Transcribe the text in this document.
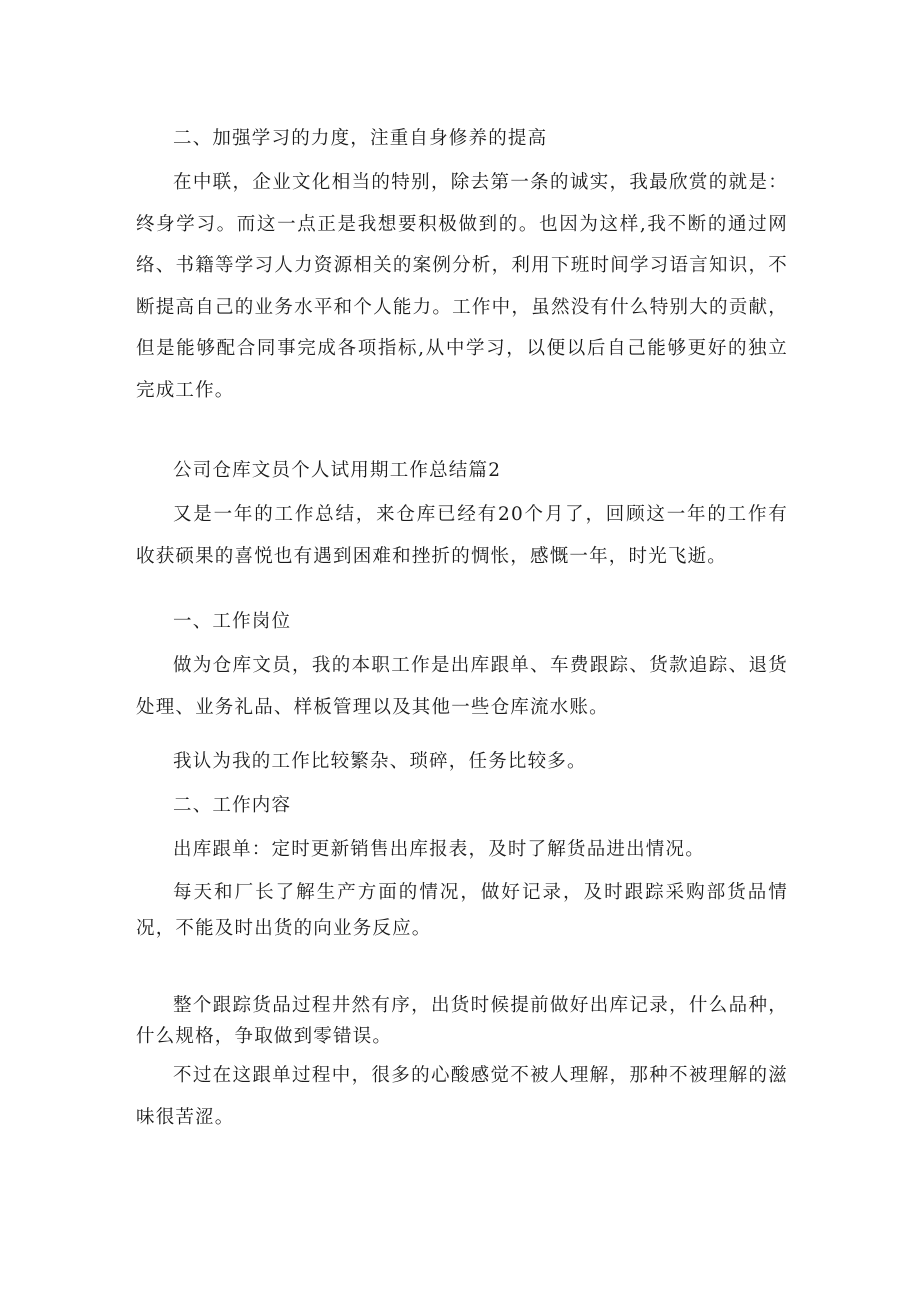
二、加强学习的力度，注重自身修养的提高

在中联，企业文化相当的特别，除去第一条的诚实，我最欣赏的就是：终身学习。而这一点正是我想要积极做到的。也因为这样,我不断的通过网络、书籍等学习人力资源相关的案例分析，利用下班时间学习语言知识，不断提高自己的业务水平和个人能力。工作中，虽然没有什么特别大的贡献，但是能够配合同事完成各项指标,从中学习，以便以后自己能够更好的独立完成工作。

公司仓库文员个人试用期工作总结篇2

又是一年的工作总结，来仓库已经有20个月了，回顾这一年的工作有收获硕果的喜悦也有遇到困难和挫折的惆怅，感慨一年，时光飞逝。

一、工作岗位

做为仓库文员，我的本职工作是出库跟单、车费跟踪、货款追踪、退货处理、业务礼品、样板管理以及其他一些仓库流水账。

我认为我的工作比较繁杂、琐碎，任务比较多。

二、工作内容

出库跟单：定时更新销售出库报表，及时了解货品进出情况。

每天和厂长了解生产方面的情况，做好记录，及时跟踪采购部货品情况，不能及时出货的向业务反应。

整个跟踪货品过程井然有序，出货时候提前做好出库记录，什么品种，什么规格，争取做到零错误。

不过在这跟单过程中，很多的心酸感觉不被人理解，那种不被理解的滋味很苦涩。
